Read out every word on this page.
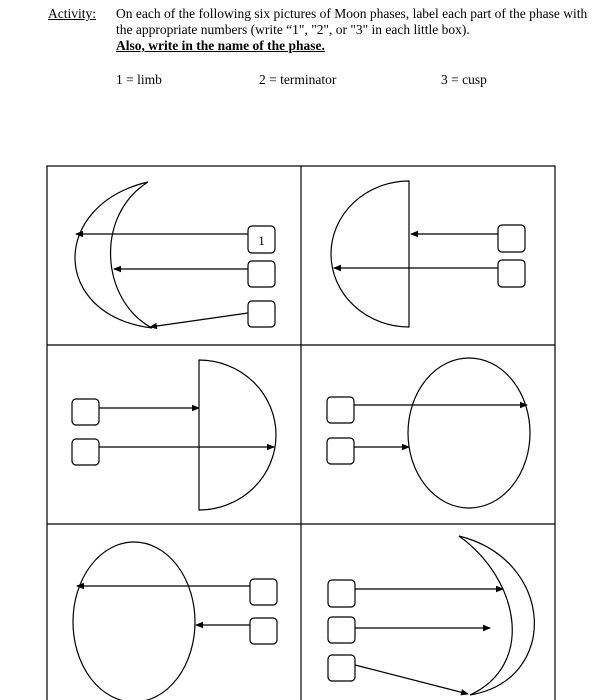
Activity: On each of the following six pictures of Moon phases, label each part of the phase with the appropriate numbers (write “1", "2", or "3" in each little box).
Also, write in the name of the phase.
1 = limb	2 = terminator	3 = cusp
1
